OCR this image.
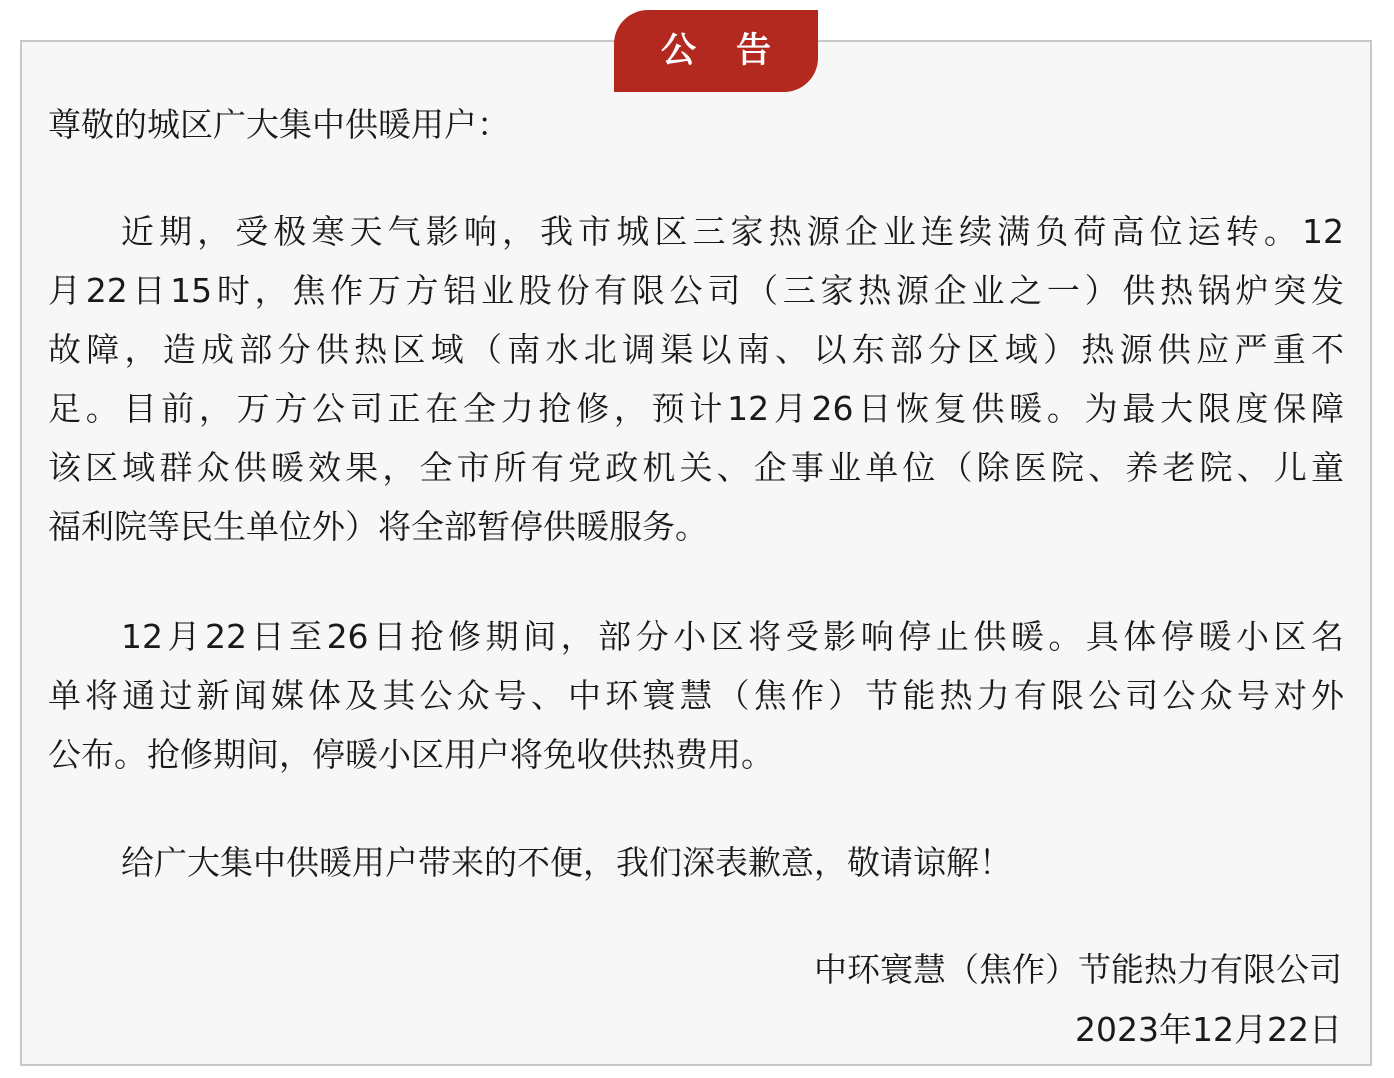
公告

尊敬的城区广大集中供暖用户：

近期，受极寒天气影响，我市城区三家热源企业连续满负荷高位运转。12
月22日15时，焦作万方铝业股份有限公司（三家热源企业之一）供热锅炉突发
故障，造成部分供热区域（南水北调渠以南、以东部分区域）热源供应严重不
足。目前，万方公司正在全力抢修，预计12月26日恢复供暖。为最大限度保障
该区域群众供暖效果，全市所有党政机关、企事业单位（除医院、养老院、儿童
福利院等民生单位外）将全部暂停供暖服务。
12月22日至26日抢修期间，部分小区将受影响停止供暖。具体停暖小区名
单将通过新闻媒体及其公众号、中环寰慧（焦作）节能热力有限公司公众号对外
公布。抢修期间，停暖小区用户将免收供热费用。

给广大集中供暖用户带来的不便，我们深表歉意，敬请谅解！

中环寰慧（焦作）节能热力有限公司
2023年12月22日
